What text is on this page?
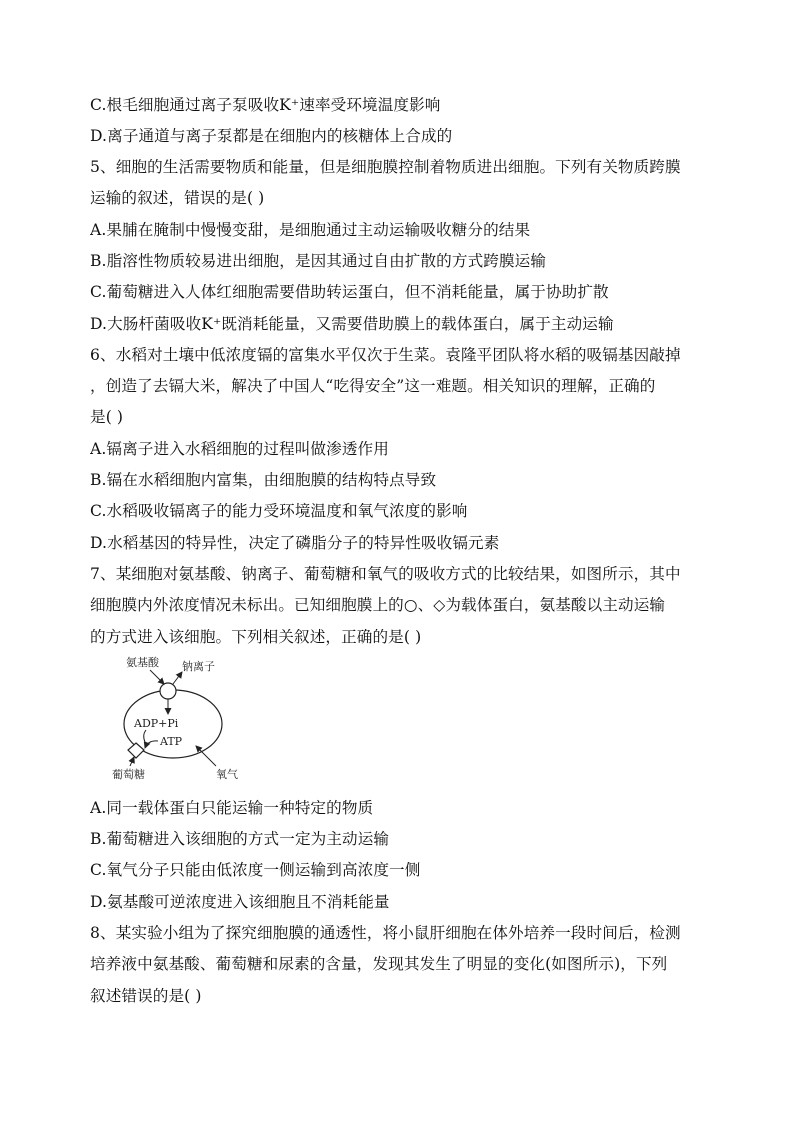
C.根毛细胞通过离子泵吸收K⁺速率受环境温度影响
D.离子通道与离子泵都是在细胞内的核糖体上合成的
5、细胞的生活需要物质和能量，但是细胞膜控制着物质进出细胞。下列有关物质跨膜
运输的叙述，错误的是( )
A.果脯在腌制中慢慢变甜，是细胞通过主动运输吸收糖分的结果
B.脂溶性物质较易进出细胞，是因其通过自由扩散的方式跨膜运输
C.葡萄糖进入人体红细胞需要借助转运蛋白，但不消耗能量，属于协助扩散
D.大肠杆菌吸收K⁺既消耗能量，又需要借助膜上的载体蛋白，属于主动运输
6、水稻对土壤中低浓度镉的富集水平仅次于生菜。袁隆平团队将水稻的吸镉基因敲掉
，创造了去镉大米，解决了中国人“吃得安全”这一难题。相关知识的理解，正确的
是( )
A.镉离子进入水稻细胞的过程叫做渗透作用
B.镉在水稻细胞内富集，由细胞膜的结构特点导致
C.水稻吸收镉离子的能力受环境温度和氧气浓度的影响
D.水稻基因的特异性，决定了磷脂分子的特异性吸收镉元素
7、某细胞对氨基酸、钠离子、葡萄糖和氧气的吸收方式的比较结果，如图所示，其中
细胞膜内外浓度情况未标出。已知细胞膜上的○、◇为载体蛋白，氨基酸以主动运输
的方式进入该细胞。下列相关叙述，正确的是( )
氨基酸 钠离子
ADP+Pi
ATP
葡萄糖	氧气
A.同一载体蛋白只能运输一种特定的物质
B.葡萄糖进入该细胞的方式一定为主动运输
C.氧气分子只能由低浓度一侧运输到高浓度一侧
D.氨基酸可逆浓度进入该细胞且不消耗能量
8、某实验小组为了探究细胞膜的通透性，将小鼠肝细胞在体外培养一段时间后，检测
培养液中氨基酸、葡萄糖和尿素的含量，发现其发生了明显的变化(如图所示)，下列
叙述错误的是( )
